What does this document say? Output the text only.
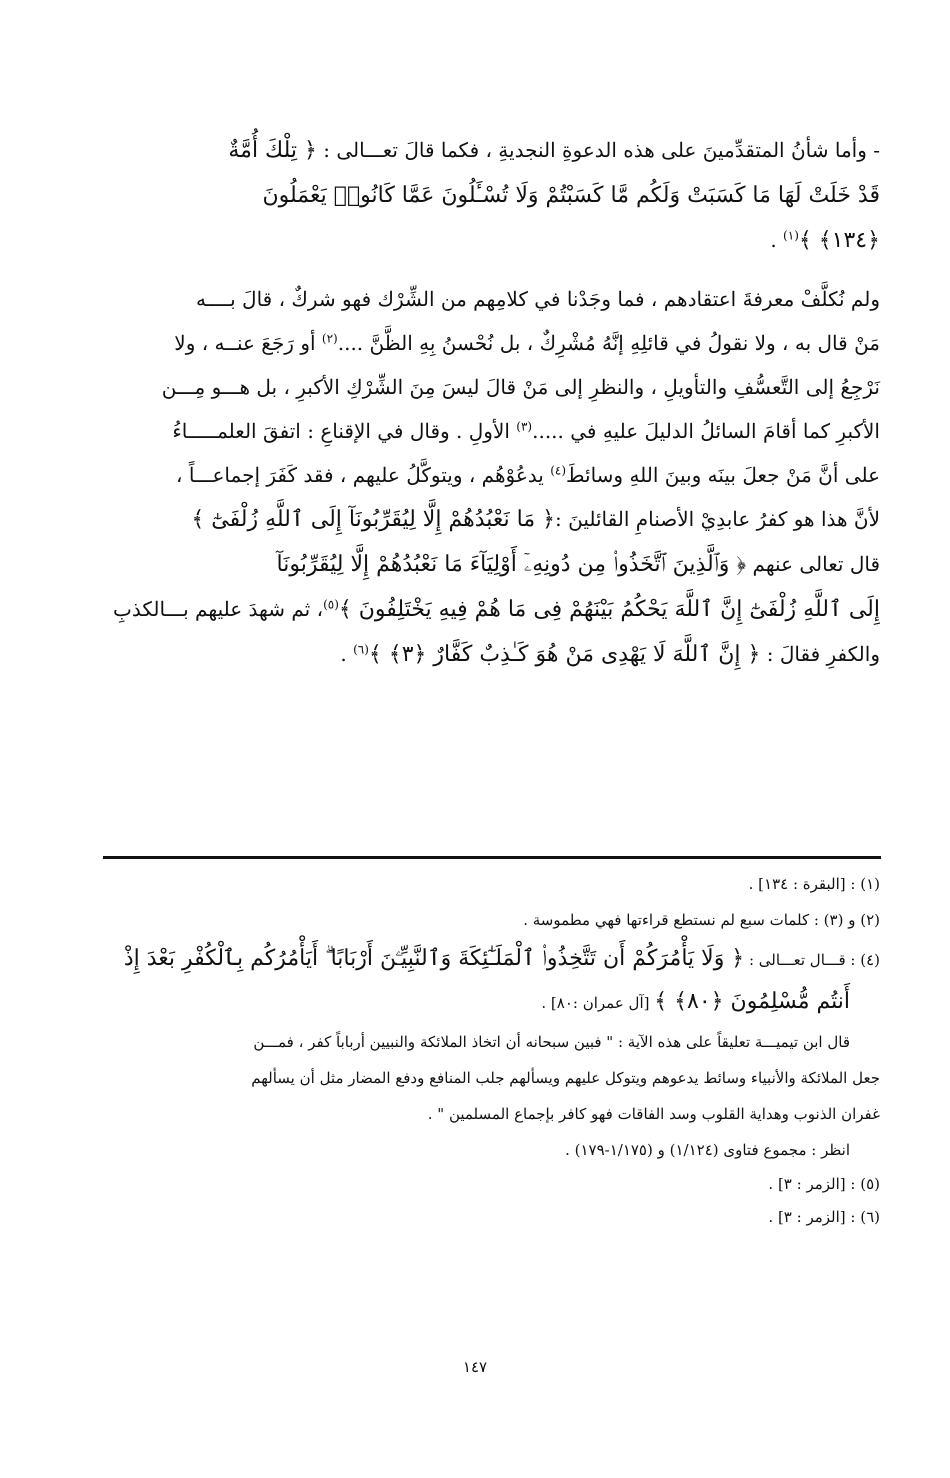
- وأما شأنُ المتقدِّمينَ على هذه الدعوةِ النجديةِ ، فكما قالَ تعـــالى : ﴿ تِلْكَ أُمَّةٌ

قَدْ خَلَتْ لَهَا مَا كَسَبَتْ وَلَكُم مَّا كَسَبْتُمْ وَلَا تُسْـَٔلُونَ عَمَّا كَانُوا۟ يَعْمَلُونَ

﴿١٣٤﴾ ﴾$^{(١)}$ .

ولم نُكلَّفْ معرفةَ اعتقادهم ، فما وجَدْنا في كلامِهم من الشِّرْك فهو شركٌ ، قالَ بــــه

مَنْ قال به ، ولا نقولُ في قائلِهِ إنَّهُ مُشْرِكٌ ، بل نُحْسنُ بِهِ الظَّنَّ ....$^{(٢)}$ أو رَجَعَ عنــه ، ولا

نَرْجِعُ إلى التَّعسُّفِ والتأويلِ ، والنظرِ إلى مَنْ قالَ ليسَ مِنَ الشِّرْكِ الأكبرِ ، بل هـــو مِـــن

الأكبرِ كما أقامَ السائلُ الدليلَ عليهِ في .....$^{(٣)}$ الأولِ . وقال في الإقناعِ : اتفقَ العلمـــــاءُ

على أنَّ مَنْ جعلَ بينَه وبينَ اللهِ وسائطَ$^{(٤)}$ يدعُوْهُم ، ويتوكَّلُ عليهم ، فقد كَفَرَ إجماعـــاً ،

لأنَّ هذا هو كفرُ عابدِيْ الأصنامِ القائلينَ :﴿ مَا نَعْبُدُهُمْ إِلَّا لِيُقَرِّبُونَآ إِلَى ٱللَّهِ زُلْفَىٰٓ ﴾

قال تعالى عنهم ﴿ وَٱلَّذِينَ ٱتَّخَذُوا۟ مِن دُونِهِۦٓ أَوْلِيَآءَ مَا نَعْبُدُهُمْ إِلَّا لِيُقَرِّبُونَآ

إِلَى ٱللَّهِ زُلْفَىٰٓ إِنَّ ٱللَّهَ يَحْكُمُ بَيْنَهُمْ فِى مَا هُمْ فِيهِ يَخْتَلِفُونَ ﴾$^{(٥)}$، ثم شهدَ عليهم بـــالكذبِ

والكفرِ فقالَ : ﴿ إِنَّ ٱللَّهَ لَا يَهْدِى مَنْ هُوَ كَـٰذِبٌ كَفَّارٌ ﴿٣﴾ ﴾$^{(٦)}$ .

(١) : [البقرة : ١٣٤] .

(٢) و (٣) : كلمات سبع لم نستطع قراءتها فهي مطموسة .

(٤) : قـــال تعـــالى : ﴿ وَلَا يَأْمُرَكُمْ أَن تَتَّخِذُوا۟ ٱلْمَلَـٰٓئِكَةَ وَٱلنَّبِيِّـۧنَ أَرْبَابًا ۗ أَيَأْمُرُكُم بِٱلْكُفْرِ بَعْدَ إِذْ

أَنتُم مُّسْلِمُونَ ﴿٨٠﴾ ﴾ [آل عمران :٨٠] .

قال ابن تيميـــة تعليقاً على هذه الآية : " فبين سبحانه أن اتخاذ الملائكة والنبيين أرباباً كفر ، فمـــن

جعل الملائكة والأنبياء وسائط يدعوهم ويتوكل عليهم ويسألهم جلب المنافع ودفع المضار مثل أن يسألهم

غفران الذنوب وهداية القلوب وسد الفاقات فهو كافر بإجماع المسلمين " .

انظر : مجموع فتاوى (١/١٢٤) و (١/١٧٥-١٧٩) .

(٥) : [الزمر : ٣] .

(٦) : [الزمر : ٣] .

١٤٧
